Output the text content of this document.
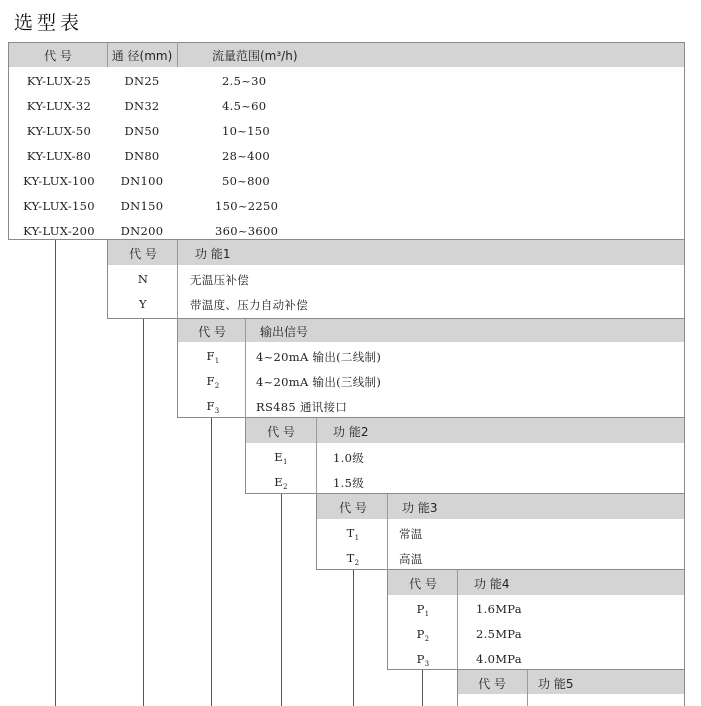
选型表
代 号	通 径(mm)	流量范围(m³/h)
KY-LUX-25	DN25	2.5~30
KY-LUX-32	DN32	4.5~60
KY-LUX-50	DN50	10~150
KY-LUX-80	DN80	28~400
KY-LUX-100 DN100	50~800
KY-LUX-150 DN150	150~2250
KY-LUX-200 DN200	360~3600
代 号	功 能1
N	无温压补偿
Y	带温度、压力自动补偿
代 号	输出信号
$F_1$	4~20mA 输出(二线制)
$F_2$	4~20mA 输出(三线制)
$F_3$	RS485 通讯接口
代 号	功 能2
$E_1$	1.0级
$E_2$	1.5级
代 号	功 能3
$T_1$	常温
$T_2$	高温
代 号	功 能4
$P_1$	1.6MPa
$P_2$	2.5MPa
$P_3$	4.0MPa
代 号	功 能5
